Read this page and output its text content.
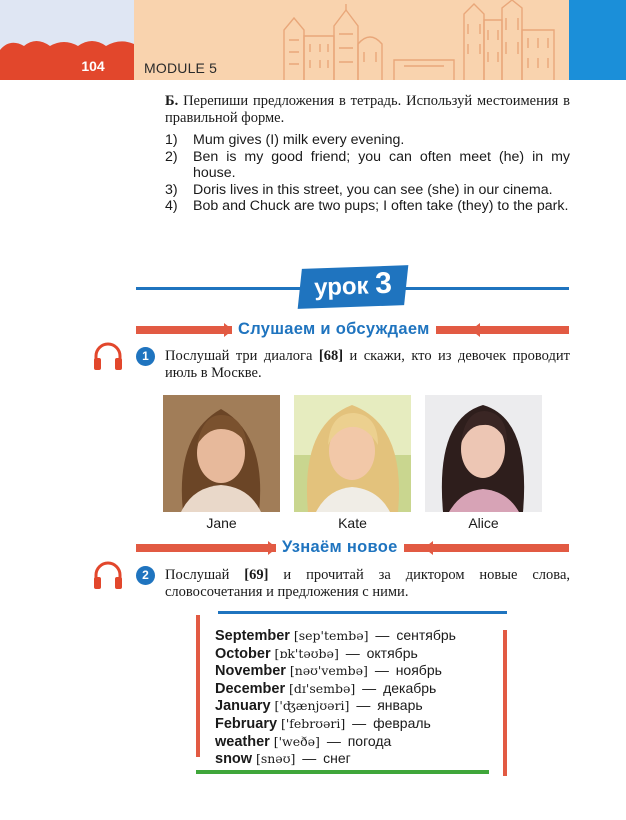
104	MODULE 5
Б. Перепиши предложения в тетрадь. Используй местоимения в правильной форме.
1)	Mum gives (I) milk every evening.
2)	Ben is my good friend; you can often meet (he) in my house.
3)	Doris lives in this street, you can see (she) in our cinema.
4)	Bob and Chuck are two pups; I often take (they) to the park.
урок 3
Слушаем и обсуждаем
1	Послушай три диалога [68] и скажи, кто из девочек проводит июль в Москве.
Jane	Kate	Alice
Узнаём новое
2	Послушай [69] и прочитай за диктором новые слова, словосочетания и предложения с ними.
September [sep'tembə] — сентябрь
October [ɒk'təʊbə] — октябрь
November [nəʊ'vembə] — ноябрь
December [dɪ'sembə] — декабрь
January ['ʤænjʊəri] — январь
February ['febrʊəri] — февраль
weather ['weðə] — погода
snow [snəʊ] — снег
